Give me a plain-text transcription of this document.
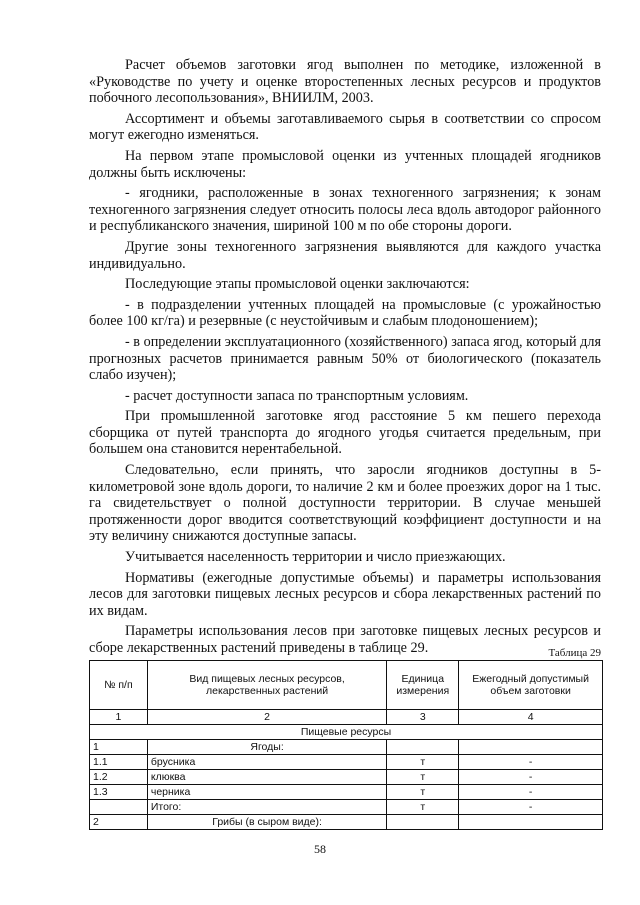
Расчет объемов заготовки ягод выполнен по методике, изложенной в «Руководстве по учету и оценке второстепенных лесных ресурсов и продуктов побочного лесопользования», ВНИИЛМ, 2003.

Ассортимент и объемы заготавливаемого сырья в соответствии со спросом могут ежегодно изменяться.

На первом этапе промысловой оценки из учтенных площадей ягодников должны быть исключены:

- ягодники, расположенные в зонах техногенного загрязнения; к зонам техногенного загрязнения следует относить полосы леса вдоль автодорог районного и республиканского значения, шириной 100 м по обе стороны дороги.

Другие зоны техногенного загрязнения выявляются для каждого участка индивидуально.

Последующие этапы промысловой оценки заключаются:

- в подразделении учтенных площадей на промысловые (с урожайностью более 100 кг/га) и резервные (с неустойчивым и слабым плодоношением);

- в определении эксплуатационного (хозяйственного) запаса ягод, который для прогнозных расчетов принимается равным 50% от биологического (показатель слабо изучен);

- расчет доступности запаса по транспортным условиям.

При промышленной заготовке ягод расстояние 5 км пешего перехода сборщика от путей транспорта до ягодного угодья считается предельным, при большем она становится нерентабельной.

Следовательно, если принять, что заросли ягодников доступны в 5-километровой зоне вдоль дороги, то наличие 2 км и более проезжих дорог на 1 тыс. га свидетельствует о полной доступности территории. В случае меньшей протяженности дорог вводится соответствующий коэффициент доступности и на эту величину снижаются доступные запасы.

Учитывается населенность территории и число приезжающих.

Нормативы (ежегодные допустимые объемы) и параметры использования лесов для заготовки пищевых лесных ресурсов и сбора лекарственных растений по их видам.

Параметры использования лесов при заготовке пищевых лесных ресурсов и сборе лекарственных растений приведены в таблице 29.	Таблица 29
№ п/п	Вид пищевых лесных ресурсов, лекарственных растений	Единица измерения	Ежегодный допустимый объем заготовки
1	2	3	4
Пищевые ресурсы			
1	Ягоды:		
1.1	брусника	т	-
1.2	клюква	т	-
1.3	черника	т	-
	Итого:	т	-
2	Грибы (в сыром виде):		
58
